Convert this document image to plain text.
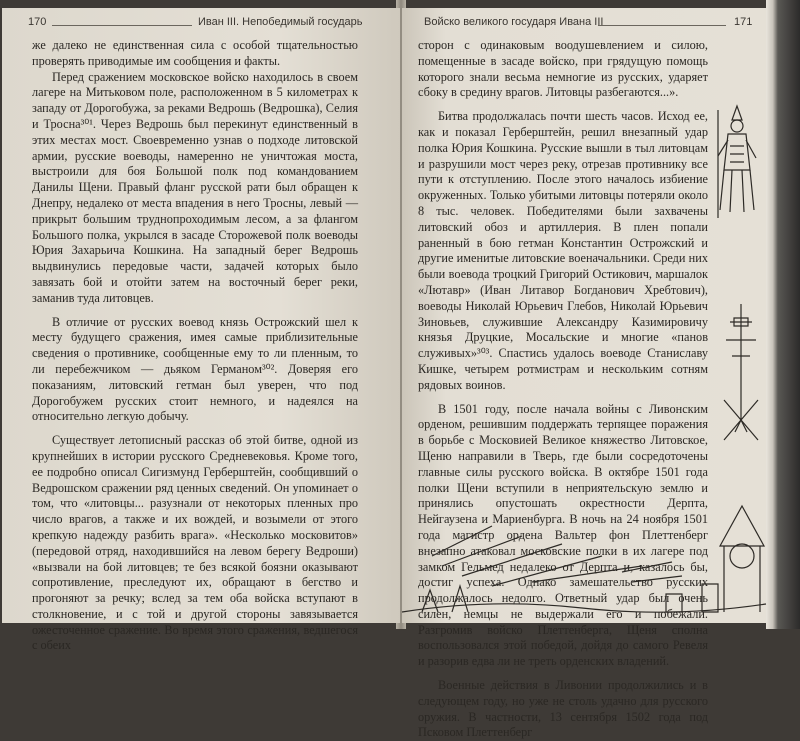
170	Иван III. Непобедимый государь

же далеко не единственная сила с особой тщательностью проверять приводимые им сообщения и факты.

Перед сражением московское войско находилось в своем лагере на Митьковом поле, расположенном в 5 километрах к западу от Дорогобужа, за реками Ведрошь (Ведрошка), Селия и Тросна³⁰¹. Через Ведрошь был перекинут единственный в этих местах мост. Своевременно узнав о подходе литовской армии, русские воеводы, намеренно не уничтожая моста, выстроили для боя Большой полк под командованием Данилы Щени. Правый фланг русской рати был обращен к Днепру, недалеко от места впадения в него Тросны, левый — прикрыт большим труднопроходимым лесом, а за флангом Большого полка, укрылся в засаде Сторожевой полк воеводы Юрия Захарьича Кошкина. На западный берег Ведрошь выдвинулись передовые части, задачей которых было завязать бой и отойти затем на восточный берег реки, заманив туда литовцев.

В отличие от русских воевод князь Острожский шел к месту будущего сражения, имея самые приблизительные сведения о противнике, сообщенные ему то ли пленным, то ли перебежчиком — дьяком Германом³⁰². Доверяя его показаниям, литовский гетман был уверен, что под Дорогобужем русских стоит немного, и надеялся на относительно легкую добычу.

Существует летописный рассказ об этой битве, одной из крупнейших в истории русского Средневековья. Кроме того, ее подробно описал Сигизмунд Герберштейн, сообщивший о Ведрошском сражении ряд ценных сведений. Он упоминает о том, что «литовцы... разузнали от некоторых пленных про число врагов, а также и их вождей, и возымели от этого крепкую надежду разбить врага». «Несколько московитов» (передовой отряд, находившийся на левом берегу Ведроши) «вызвали на бой литовцев; те без всякой боязни оказывают сопротивление, преследуют их, обращают в бегство и прогоняют за речку; вслед за тем оба войска вступают в столкновение, и с той и другой стороны завязывается ожесточенное сражение. Во время этого сражения, ведшегося с обеих

Войско великого государя Ивана III	171

сторон с одинаковым воодушевлением и силою, помещенные в засаде войско, при грядущую помощь которого знали весьма немногие из русских, ударяет сбоку в средину врагов. Литовцы разбегаются...».

Битва продолжалась почти шесть часов. Исход ее, как и показал Герберштейн, решил внезапный удар полка Юрия Кошкина. Русские вышли в тыл литовцам и разрушили мост через реку, отрезав противнику все пути к отступлению. После этого началось избиение окруженных. Только убитыми литовцы потеряли около 8 тыс. человек. Победителями были захвачены литовский обоз и артиллерия. В плен попали раненный в бою гетман Константин Острожский и другие именитые литовские военачальники. Среди них были воевода троцкий Григорий Остикович, маршалок «Лютавр» (Иван Литавор Богданович Хребтович), воеводы Николай Юрьевич Глебов, Николай Юрьевич Зиновьев, служившие Александру Казимировичу князья Друцкие, Мосальские и многие «панов служивых»³⁰³. Спастись удалось воеводе Станиславу Кишке, четырем ротмистрам и нескольким сотням рядовых воинов.

В 1501 году, после начала войны с Ливонским орденом, решившим поддержать терпящее поражения в борьбе с Московией Великое княжество Литовское, Щеню направили в Тверь, где были сосредоточены главные силы русского войска. В октябре 1501 года полки Щени вступили в неприятельскую землю и принялись опустошать окрестности Дерпта, Нейгаузена и Мариенбурга. В ночь на 24 ноября 1501 года магистр ордена Вальтер фон Плеттенберг внезапно атаковал московские полки в их лагере под замком Гельмед недалеко от Дерпта и, казалось бы, достиг успеха. Однако замешательство русских продолжалось недолго. Ответный удар был очень силен, немцы не выдержали его и побежали. Разгромив войско Плеттенберга, Щеня сполна воспользовался этой победой, дойдя до самого Ревеля и разорив едва ли не треть орденских владений.

Военные действия в Ливонии продолжились и в следующем году, но уже не столь удачно для русского оружия. В частности, 13 сентября 1502 года под Псковом Плеттенберг
